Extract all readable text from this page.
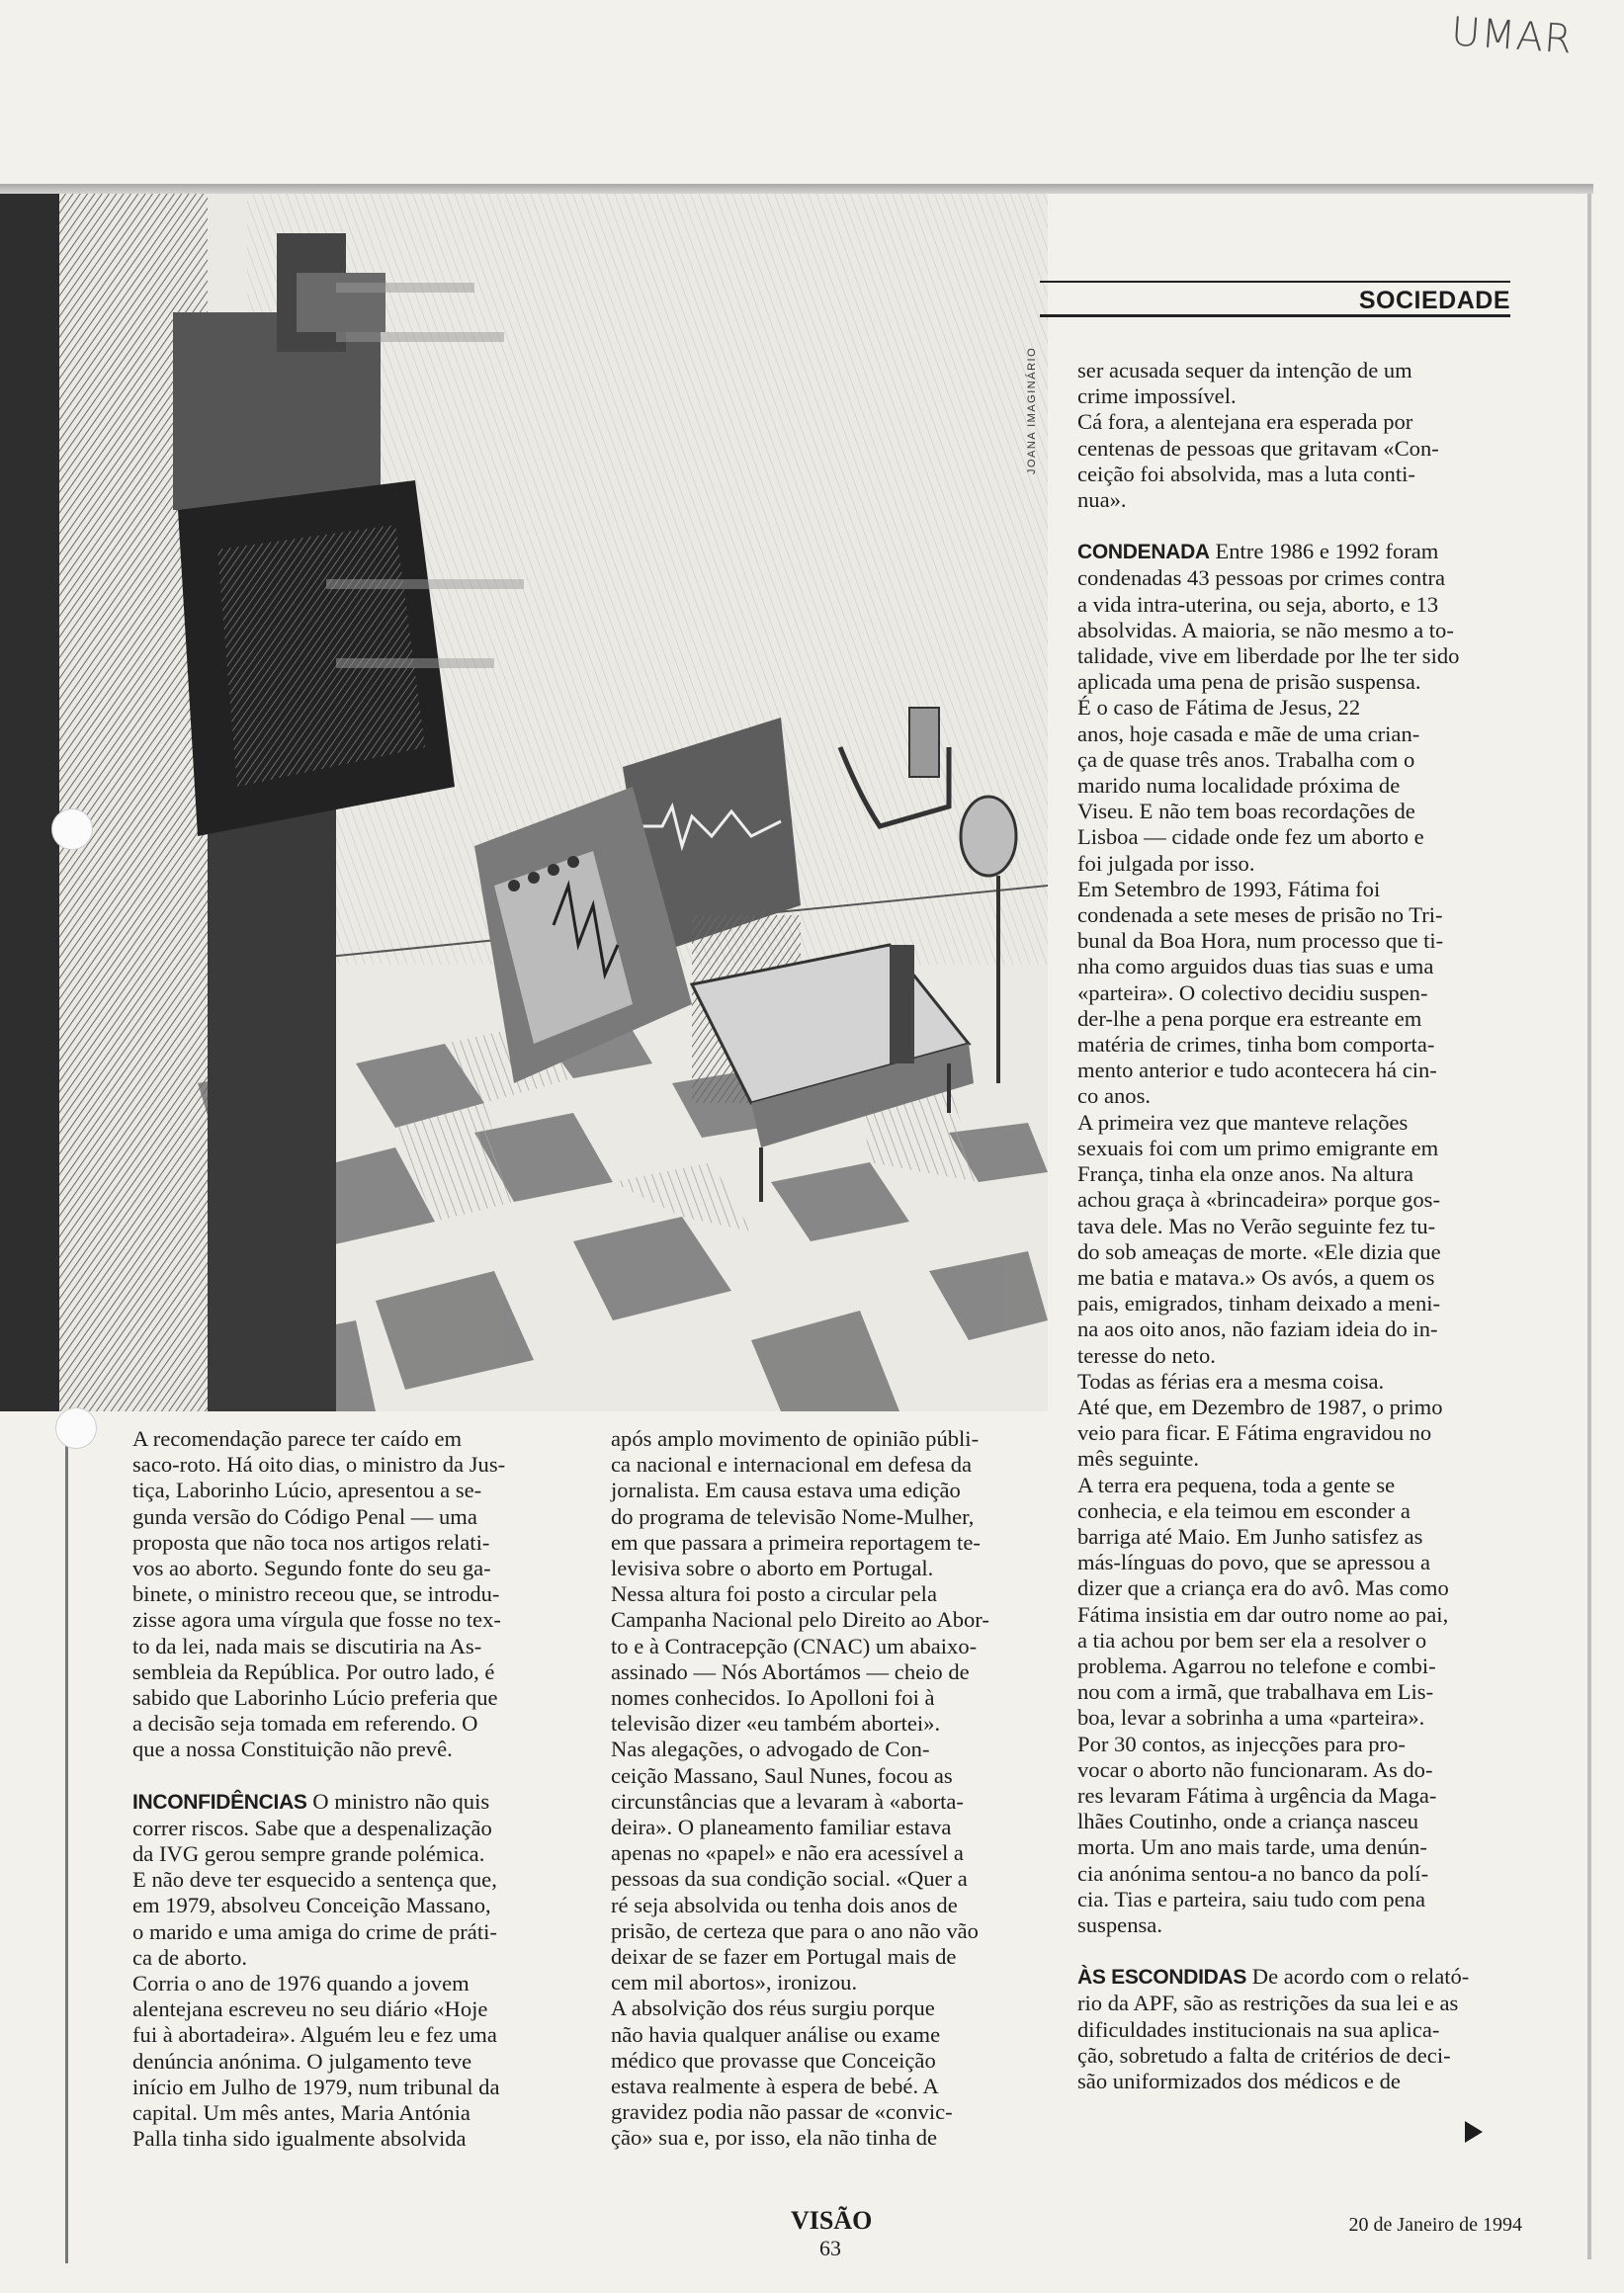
UMAR
SOCIEDADE
JOANA IMAGINÁRIO
A recomendação parece ter caído em
saco-roto. Há oito dias, o ministro da Jus-
tiça, Laborinho Lúcio, apresentou a se-
gunda versão do Código Penal — uma
proposta que não toca nos artigos relati-
vos ao aborto. Segundo fonte do seu ga-
binete, o ministro receou que, se introdu-
zisse agora uma vírgula que fosse no tex-
to da lei, nada mais se discutiria na As-
sembleia da República. Por outro lado, é
sabido que Laborinho Lúcio preferia que
a decisão seja tomada em referendo. O
que a nossa Constituição não prevê.
INCONFIDÊNCIAS O ministro não quis
correr riscos. Sabe que a despenalização
da IVG gerou sempre grande polémica.
E não deve ter esquecido a sentença que,
em 1979, absolveu Conceição Massano,
o marido e uma amiga do crime de práti-
ca de aborto.
Corria o ano de 1976 quando a jovem
alentejana escreveu no seu diário «Hoje
fui à abortadeira». Alguém leu e fez uma
denúncia anónima. O julgamento teve
início em Julho de 1979, num tribunal da
capital. Um mês antes, Maria Antónia
Palla tinha sido igualmente absolvida
após amplo movimento de opinião públi-
ca nacional e internacional em defesa da
jornalista. Em causa estava uma edição
do programa de televisão Nome-Mulher,
em que passara a primeira reportagem te-
levisiva sobre o aborto em Portugal.
Nessa altura foi posto a circular pela
Campanha Nacional pelo Direito ao Abor-
to e à Contracepção (CNAC) um abaixo-
assinado — Nós Abortámos — cheio de
nomes conhecidos. Io Apolloni foi à
televisão dizer «eu também abortei».
Nas alegações, o advogado de Con-
ceição Massano, Saul Nunes, focou as
circunstâncias que a levaram à «aborta-
deira». O planeamento familiar estava
apenas no «papel» e não era acessível a
pessoas da sua condição social. «Quer a
ré seja absolvida ou tenha dois anos de
prisão, de certeza que para o ano não vão
deixar de se fazer em Portugal mais de
cem mil abortos», ironizou.
A absolvição dos réus surgiu porque
não havia qualquer análise ou exame
médico que provasse que Conceição
estava realmente à espera de bebé. A
gravidez podia não passar de «convic-
ção» sua e, por isso, ela não tinha de
ser acusada sequer da intenção de um
crime impossível.
Cá fora, a alentejana era esperada por
centenas de pessoas que gritavam «Con-
ceição foi absolvida, mas a luta conti-
nua».
CONDENADA Entre 1986 e 1992 foram
condenadas 43 pessoas por crimes contra
a vida intra-uterina, ou seja, aborto, e 13
absolvidas. A maioria, se não mesmo a to-
talidade, vive em liberdade por lhe ter sido
aplicada uma pena de prisão suspensa.
É o caso de Fátima de Jesus, 22
anos, hoje casada e mãe de uma crian-
ça de quase três anos. Trabalha com o
marido numa localidade próxima de
Viseu. E não tem boas recordações de
Lisboa — cidade onde fez um aborto e
foi julgada por isso.
Em Setembro de 1993, Fátima foi
condenada a sete meses de prisão no Tri-
bunal da Boa Hora, num processo que ti-
nha como arguidos duas tias suas e uma
«parteira». O colectivo decidiu suspen-
der-lhe a pena porque era estreante em
matéria de crimes, tinha bom comporta-
mento anterior e tudo acontecera há cin-
co anos.
A primeira vez que manteve relações
sexuais foi com um primo emigrante em
França, tinha ela onze anos. Na altura
achou graça à «brincadeira» porque gos-
tava dele. Mas no Verão seguinte fez tu-
do sob ameaças de morte. «Ele dizia que
me batia e matava.» Os avós, a quem os
pais, emigrados, tinham deixado a meni-
na aos oito anos, não faziam ideia do in-
teresse do neto.
Todas as férias era a mesma coisa.
Até que, em Dezembro de 1987, o primo
veio para ficar. E Fátima engravidou no
mês seguinte.
A terra era pequena, toda a gente se
conhecia, e ela teimou em esconder a
barriga até Maio. Em Junho satisfez as
más-línguas do povo, que se apressou a
dizer que a criança era do avô. Mas como
Fátima insistia em dar outro nome ao pai,
a tia achou por bem ser ela a resolver o
problema. Agarrou no telefone e combi-
nou com a irmã, que trabalhava em Lis-
boa, levar a sobrinha a uma «parteira».
Por 30 contos, as injecções para pro-
vocar o aborto não funcionaram. As do-
res levaram Fátima à urgência da Maga-
lhães Coutinho, onde a criança nasceu
morta. Um ano mais tarde, uma denún-
cia anónima sentou-a no banco da polí-
cia. Tias e parteira, saiu tudo com pena
suspensa.
ÀS ESCONDIDAS De acordo com o relató-
rio da APF, são as restrições da sua lei e as
dificuldades institucionais na sua aplica-
ção, sobretudo a falta de critérios de deci-
são uniformizados dos médicos e de
VISÃO
63
20 de Janeiro de 1994
